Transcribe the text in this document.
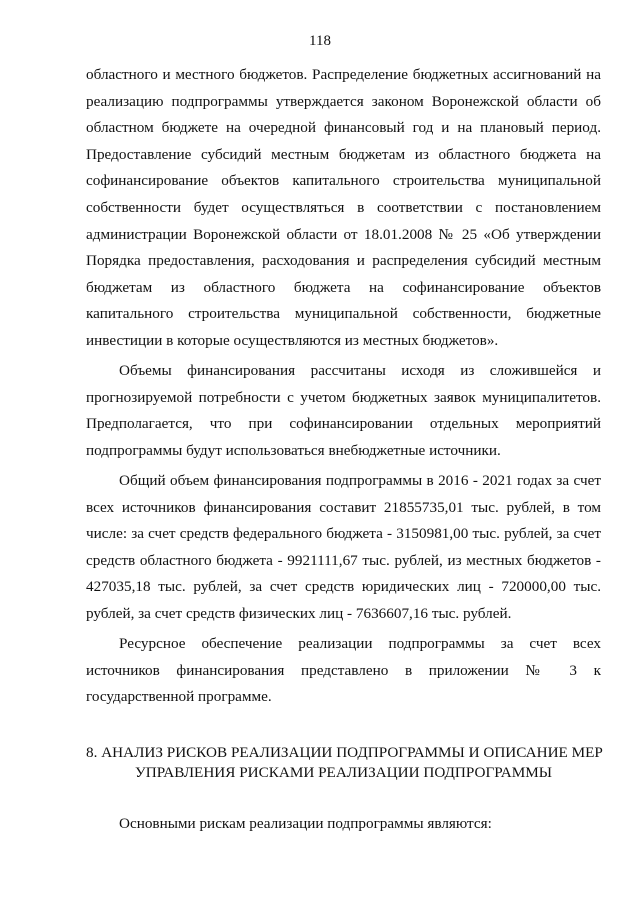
118

областного и местного бюджетов. Распределение бюджетных ассигнований на реализацию подпрограммы утверждается законом Воронежской области об областном бюджете на очередной финансовый год и на плановый период. Предоставление субсидий местным бюджетам из областного бюджета на софинансирование объектов капитального строительства муниципальной собственности будет осуществляться в соответствии с постановлением администрации Воронежской области от 18.01.2008 № 25 «Об утверждении Порядка предоставления, расходования и распределения субсидий местным бюджетам из областного бюджета на софинансирование объектов капитального строительства муниципальной собственности, бюджетные инвестиции в которые осуществляются из местных бюджетов».

Объемы финансирования рассчитаны исходя из сложившейся и прогнозируемой потребности с учетом бюджетных заявок муниципалитетов. Предполагается, что при софинансировании отдельных мероприятий подпрограммы будут использоваться внебюджетные источники.

Общий объем финансирования подпрограммы в 2016 - 2021 годах за счет всех источников финансирования составит 21855735,01 тыс. рублей, в том числе: за счет средств федерального бюджета - 3150981,00 тыс. рублей, за счет средств областного бюджета - 9921111,67 тыс. рублей, из местных бюджетов - 427035,18 тыс. рублей, за счет средств юридических лиц - 720000,00 тыс. рублей, за счет средств физических лиц - 7636607,16 тыс. рублей.

Ресурсное обеспечение реализации подпрограммы за счет всех источников финансирования представлено в приложении № 3 к государственной программе.

8. АНАЛИЗ РИСКОВ РЕАЛИЗАЦИИ ПОДПРОГРАММЫ И ОПИСАНИЕ МЕР
УПРАВЛЕНИЯ РИСКАМИ РЕАЛИЗАЦИИ ПОДПРОГРАММЫ

Основными рискам реализации подпрограммы являются:
